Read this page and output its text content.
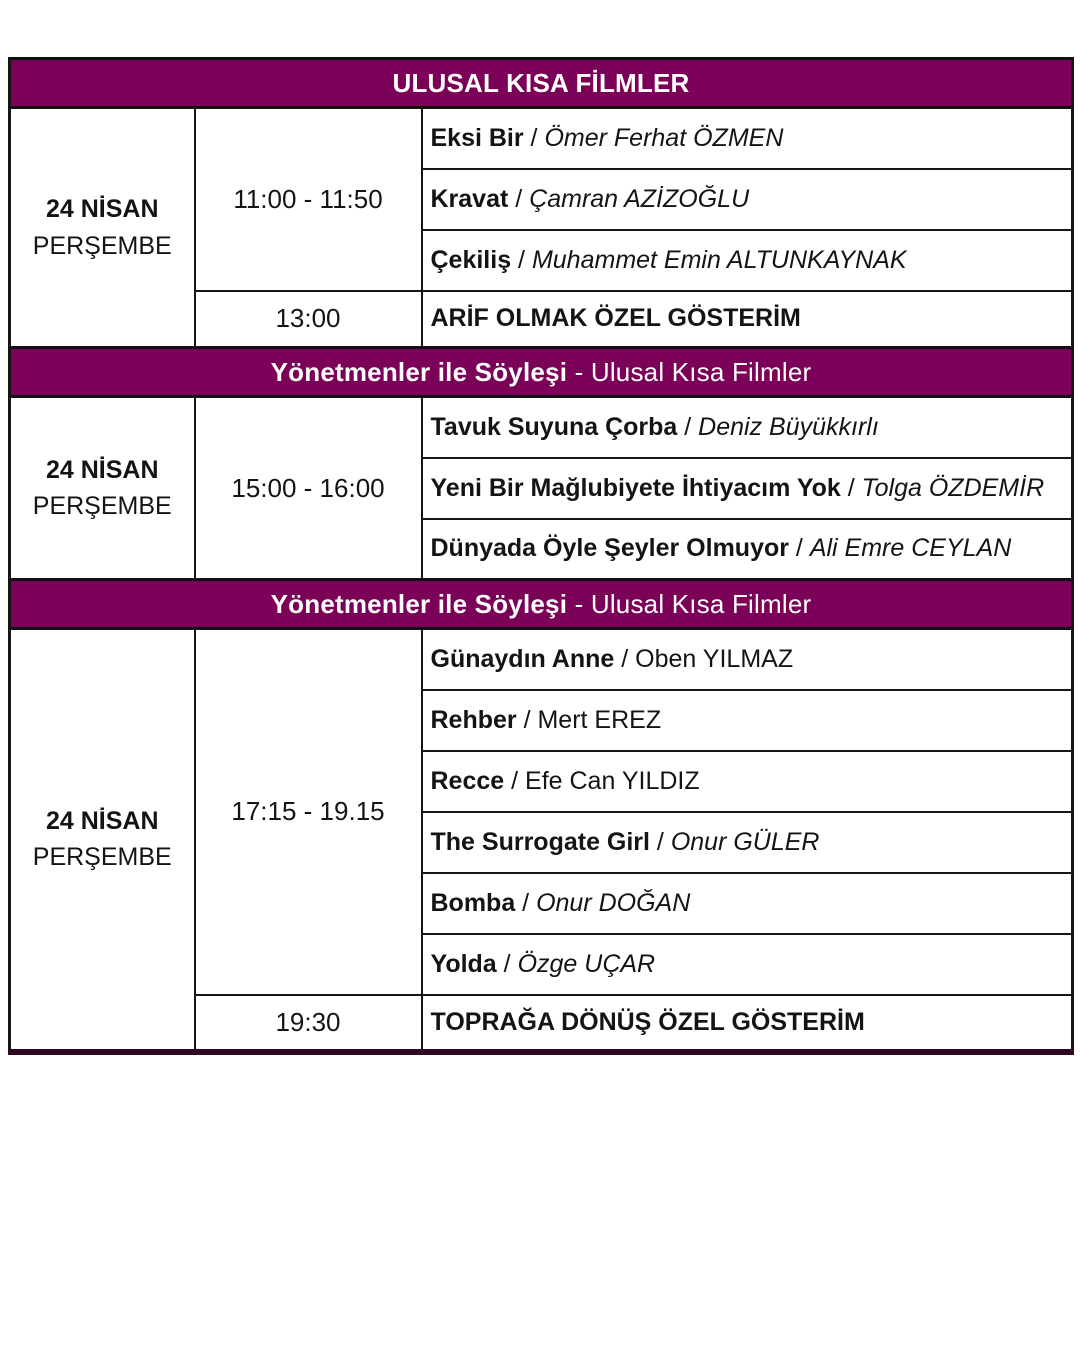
ULUSAL KISA FİLMLER		

24 NİSAN
PERŞEMBE	11:00 - 11:50	Eksi Bir / Ömer Ferhat ÖZMEN
		Kravat / Çamran AZİZOĞLU
		Çekiliş / Muhammet Emin ALTUNKAYNAK
	13:00	ARİF OLMAK ÖZEL GÖSTERİM
Yönetmenler ile Söyleşi - Ulusal Kısa Filmler		

24 NİSAN
PERŞEMBE	15:00 - 16:00	Tavuk Suyuna Çorba / Deniz Büyükkırlı
		Yeni Bir Mağlubiyete İhtiyacım Yok / Tolga ÖZDEMİR
		Dünyada Öyle Şeyler Olmuyor / Ali Emre CEYLAN
Yönetmenler ile Söyleşi - Ulusal Kısa Filmler		

24 NİSAN
PERŞEMBE	17:15 - 19.15	Günaydın Anne / Oben YILMAZ
		Rehber / Mert EREZ
		Recce / Efe Can YILDIZ
		The Surrogate Girl / Onur GÜLER
		Bomba / Onur DOĞAN
		Yolda / Özge UÇAR
	19:30	TOPRAĞA DÖNÜŞ ÖZEL GÖSTERİM
